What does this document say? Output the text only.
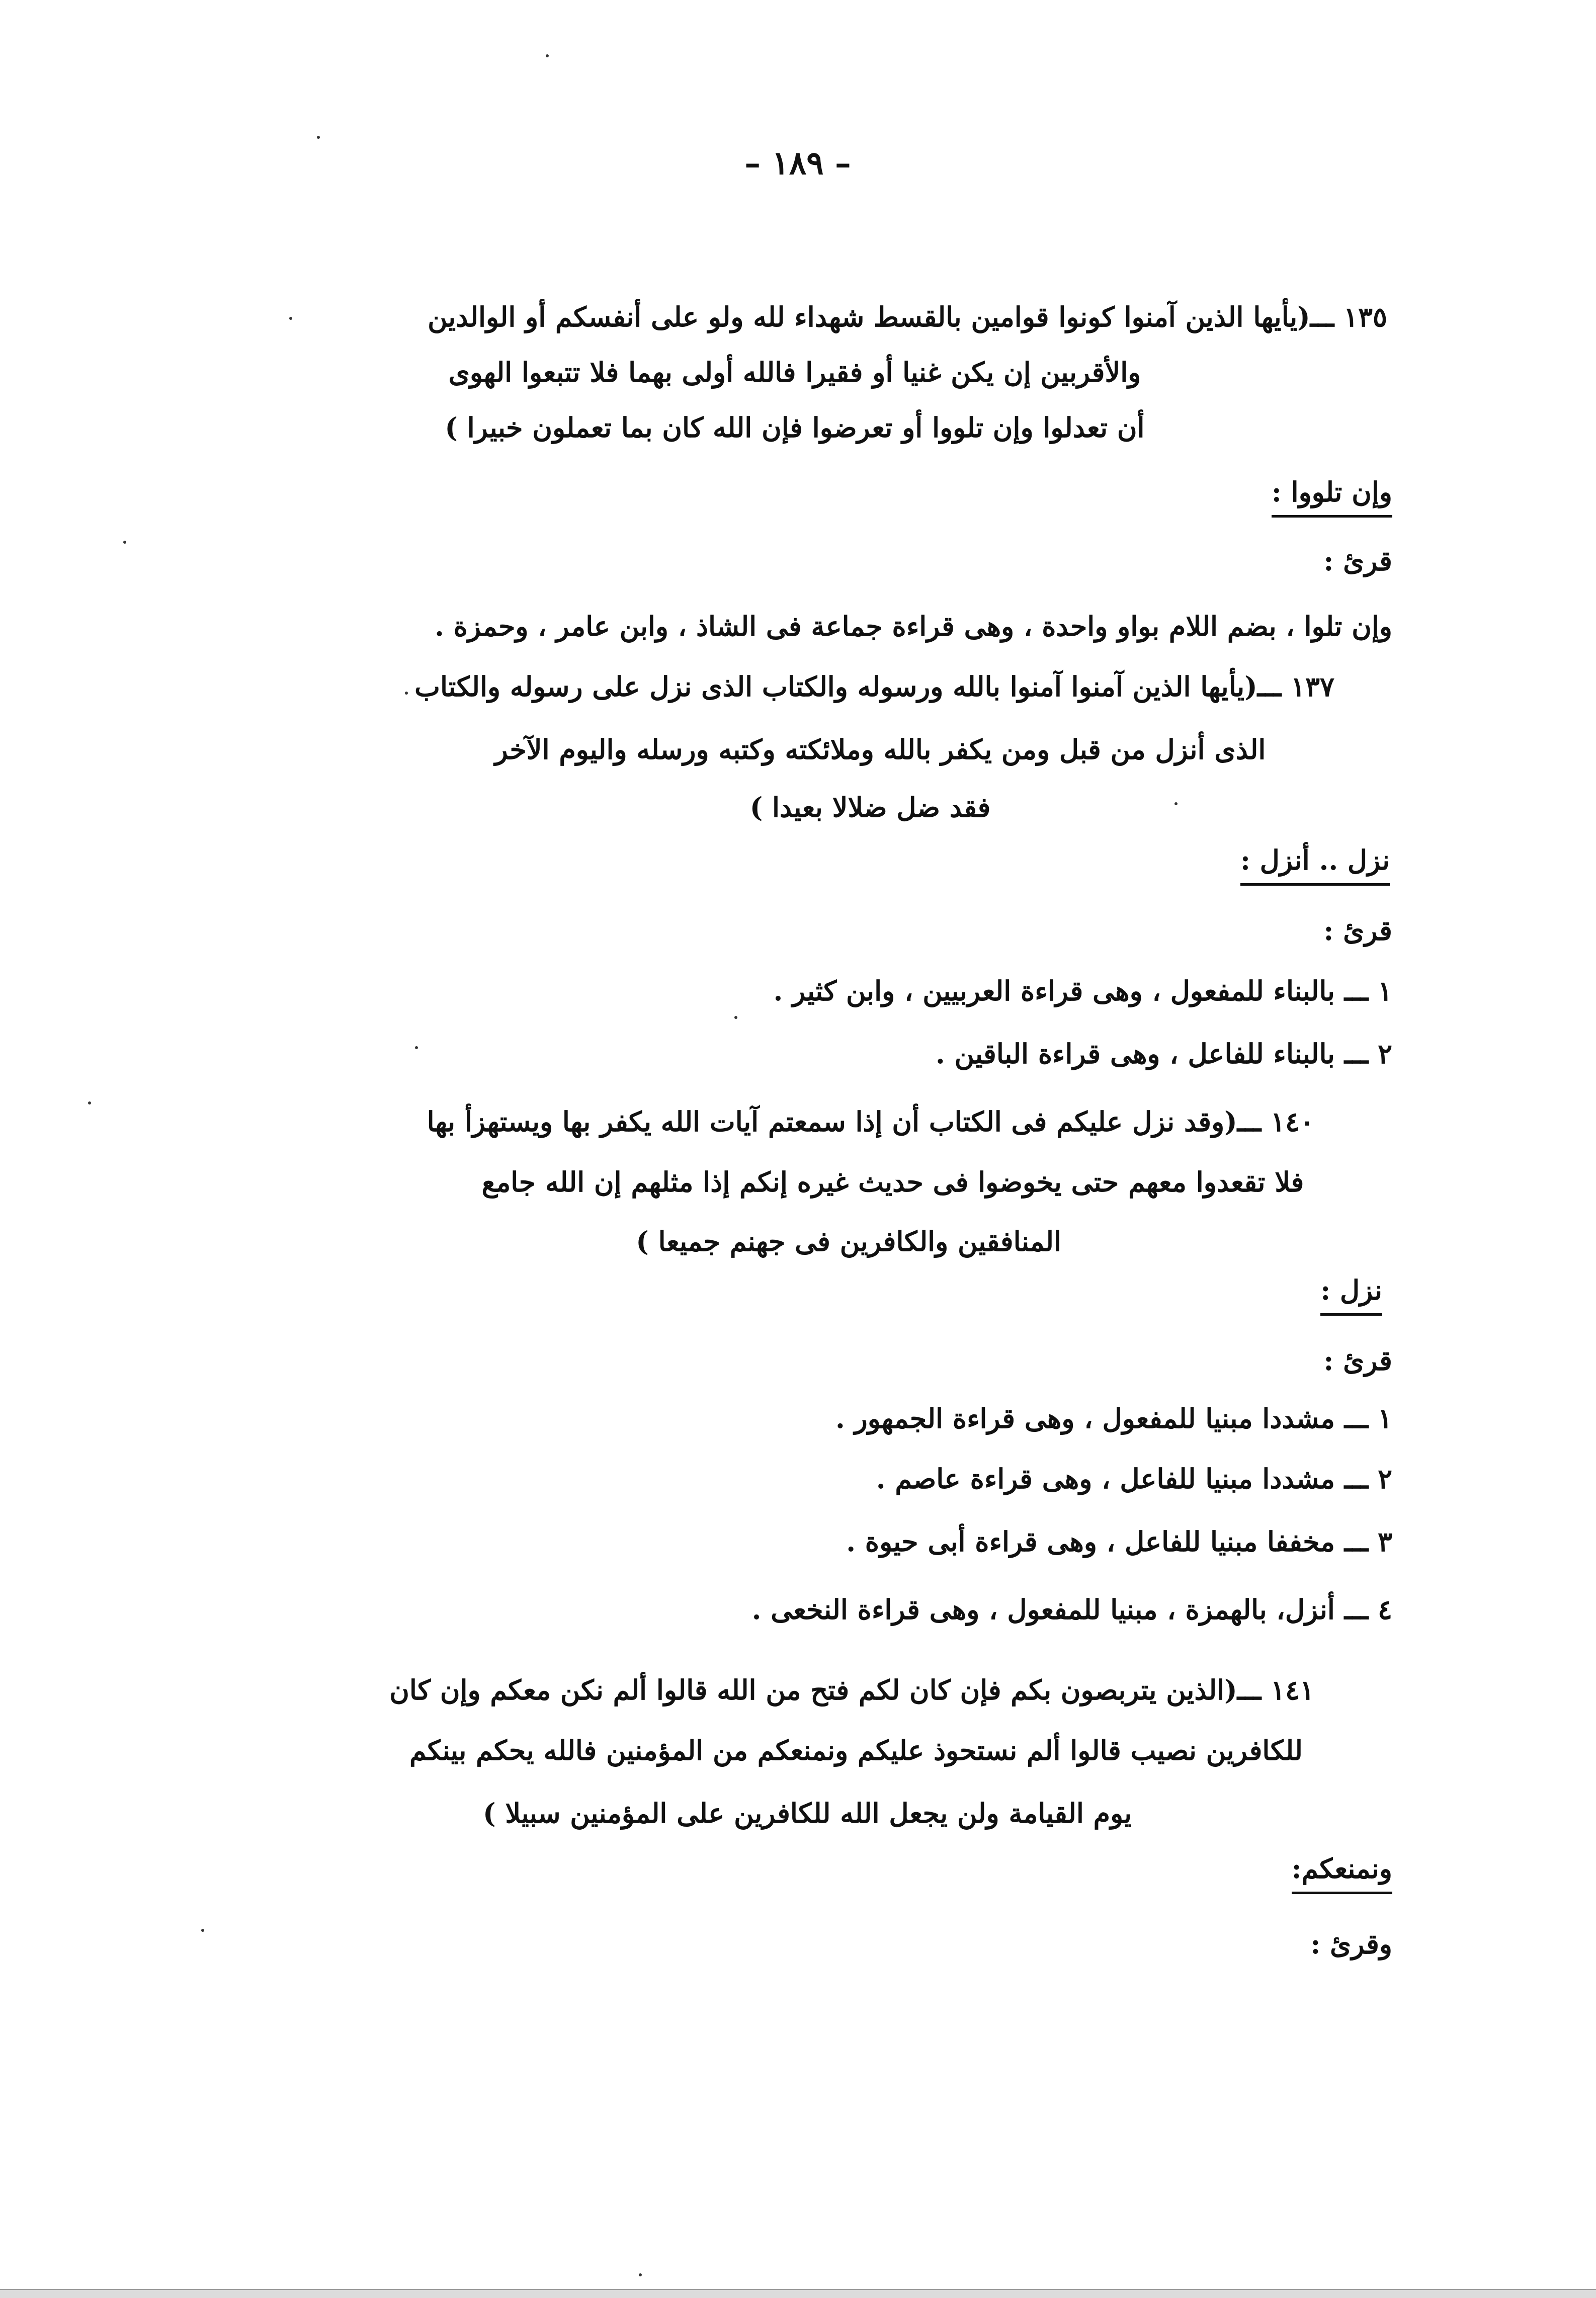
– ١٨٩ –
١٣٥ ـــ(يأيها الذين آمنوا كونوا قوامين بالقسط شهداء لله ولو على أنفسكم أو الوالدين
والأقربين إن يكن غنيا أو فقيرا فالله أولى بهما فلا تتبعوا الهوى
أن تعدلوا وإن تلووا أو تعرضوا فإن الله كان بما تعملون خبيرا )
وإن تلووا :
قرئ :
وإن تلوا ، بضم اللام بواو واحدة ، وهى قراءة جماعة فى الشاذ ، وابن عامر ، وحمزة .
١٣٧ ـــ(يأيها الذين آمنوا آمنوا بالله ورسوله والكتاب الذى نزل على رسوله والكتاب
الذى أنزل من قبل ومن يكفر بالله وملائكته وكتبه ورسله واليوم الآخر
فقد ضل ضلالا بعيدا )
نزل .. أنزل :
قرئ :
١ ـــ بالبناء للمفعول ، وهى قراءة العربيين ، وابن كثير .
٢ ـــ بالبناء للفاعل ، وهى قراءة الباقين .
١٤٠ ـــ(وقد نزل عليكم فى الكتاب أن إذا سمعتم آيات الله يكفر بها ويستهزأ بها
فلا تقعدوا معهم حتى يخوضوا فى حديث غيره إنكم إذا مثلهم إن الله جامع
المنافقين والكافرين فى جهنم جميعا )
نزل :
قرئ :
١ ـــ مشددا مبنيا للمفعول ، وهى قراءة الجمهور .
٢ ـــ مشددا مبنيا للفاعل ، وهى قراءة عاصم .
٣ ـــ مخففا مبنيا للفاعل ، وهى قراءة أبى حيوة .
٤ ـــ أنزل، بالهمزة ، مبنيا للمفعول ، وهى قراءة النخعى .
١٤١ ـــ(الذين يتربصون بكم فإن كان لكم فتح من الله قالوا ألم نكن معكم وإن كان
للكافرين نصيب قالوا ألم نستحوذ عليكم ونمنعكم من المؤمنين فالله يحكم بينكم
يوم القيامة ولن يجعل الله للكافرين على المؤمنين سبيلا )
ونمنعكم:
وقرئ :
